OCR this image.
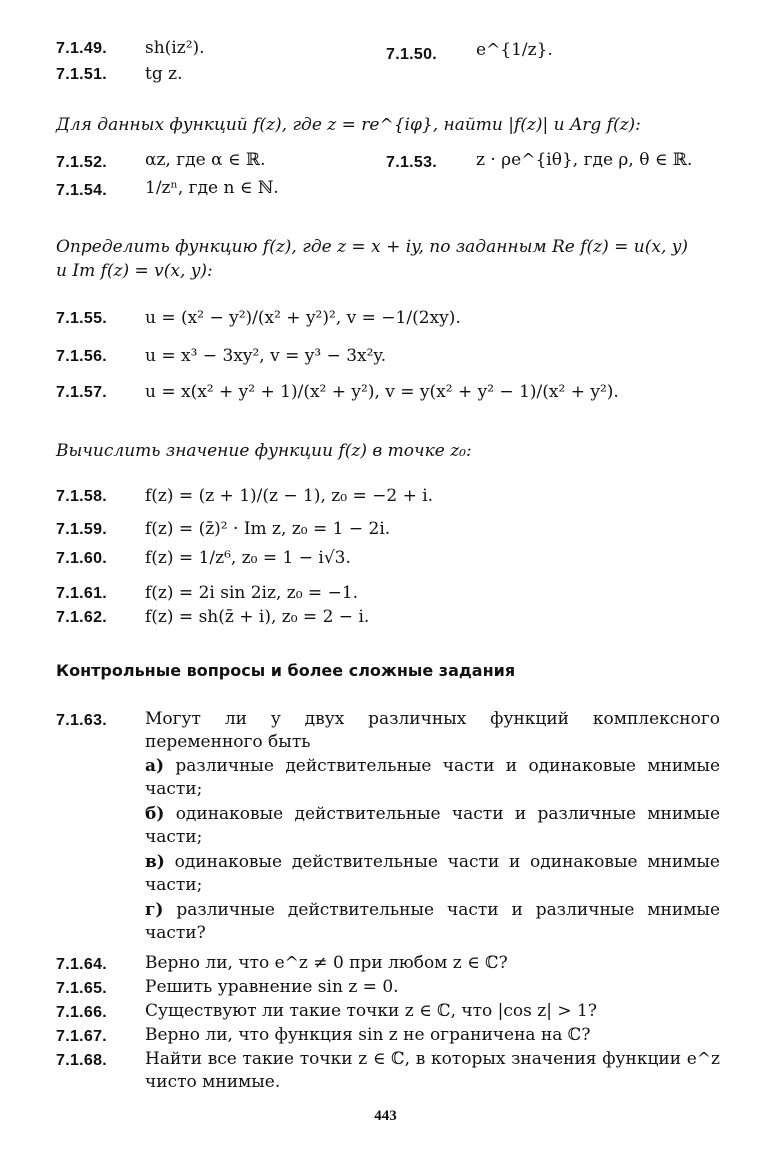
7.1.49. sh(iz²).	7.1.50. e^{1/z}.
7.1.51. tg z.
Для данных функций f(z), где z = re^{iφ}, найти |f(z)| и Arg f(z):
7.1.52. αz, где α ∈ ℝ.	7.1.53. z · ρe^{iθ}, где ρ, θ ∈ ℝ.
7.1.54. 1/zⁿ, где n ∈ ℕ.
Определить функцию f(z), где z = x + iy, по заданным Re f(z) = u(x, y)
и Im f(z) = v(x, y):
7.1.55. u = (x² − y²)/(x² + y²)², v = −1/(2xy).
7.1.56. u = x³ − 3xy², v = y³ − 3x²y.
7.1.57. u = x(x² + y² + 1)/(x² + y²), v = y(x² + y² − 1)/(x² + y²).
Вычислить значение функции f(z) в точке z₀:
7.1.58. f(z) = (z + 1)/(z − 1), z₀ = −2 + i.
7.1.59. f(z) = (z̄)² · Im z, z₀ = 1 − 2i.
7.1.60. f(z) = 1/z⁶, z₀ = 1 − i√3.
7.1.61. f(z) = 2i sin 2iz, z₀ = −1.
7.1.62. f(z) = sh(z̄ + i), z₀ = 2 − i.
Контрольные вопросы и более сложные задания
7.1.63. Могут ли у двух различных функций комплексного переменного быть
а) различные действительные части и одинаковые мнимые части;
б) одинаковые действительные части и различные мнимые части;
в) одинаковые действительные части и одинаковые мнимые части;
г) различные действительные части и различные мнимые части?
7.1.64. Верно ли, что e^z ≠ 0 при любом z ∈ ℂ?
7.1.65. Решить уравнение sin z = 0.
7.1.66. Существуют ли такие точки z ∈ ℂ, что |cos z| > 1?
7.1.67. Верно ли, что функция sin z не ограничена на ℂ?
7.1.68. Найти все такие точки z ∈ ℂ, в которых значения функции e^z чисто мнимые.
443
